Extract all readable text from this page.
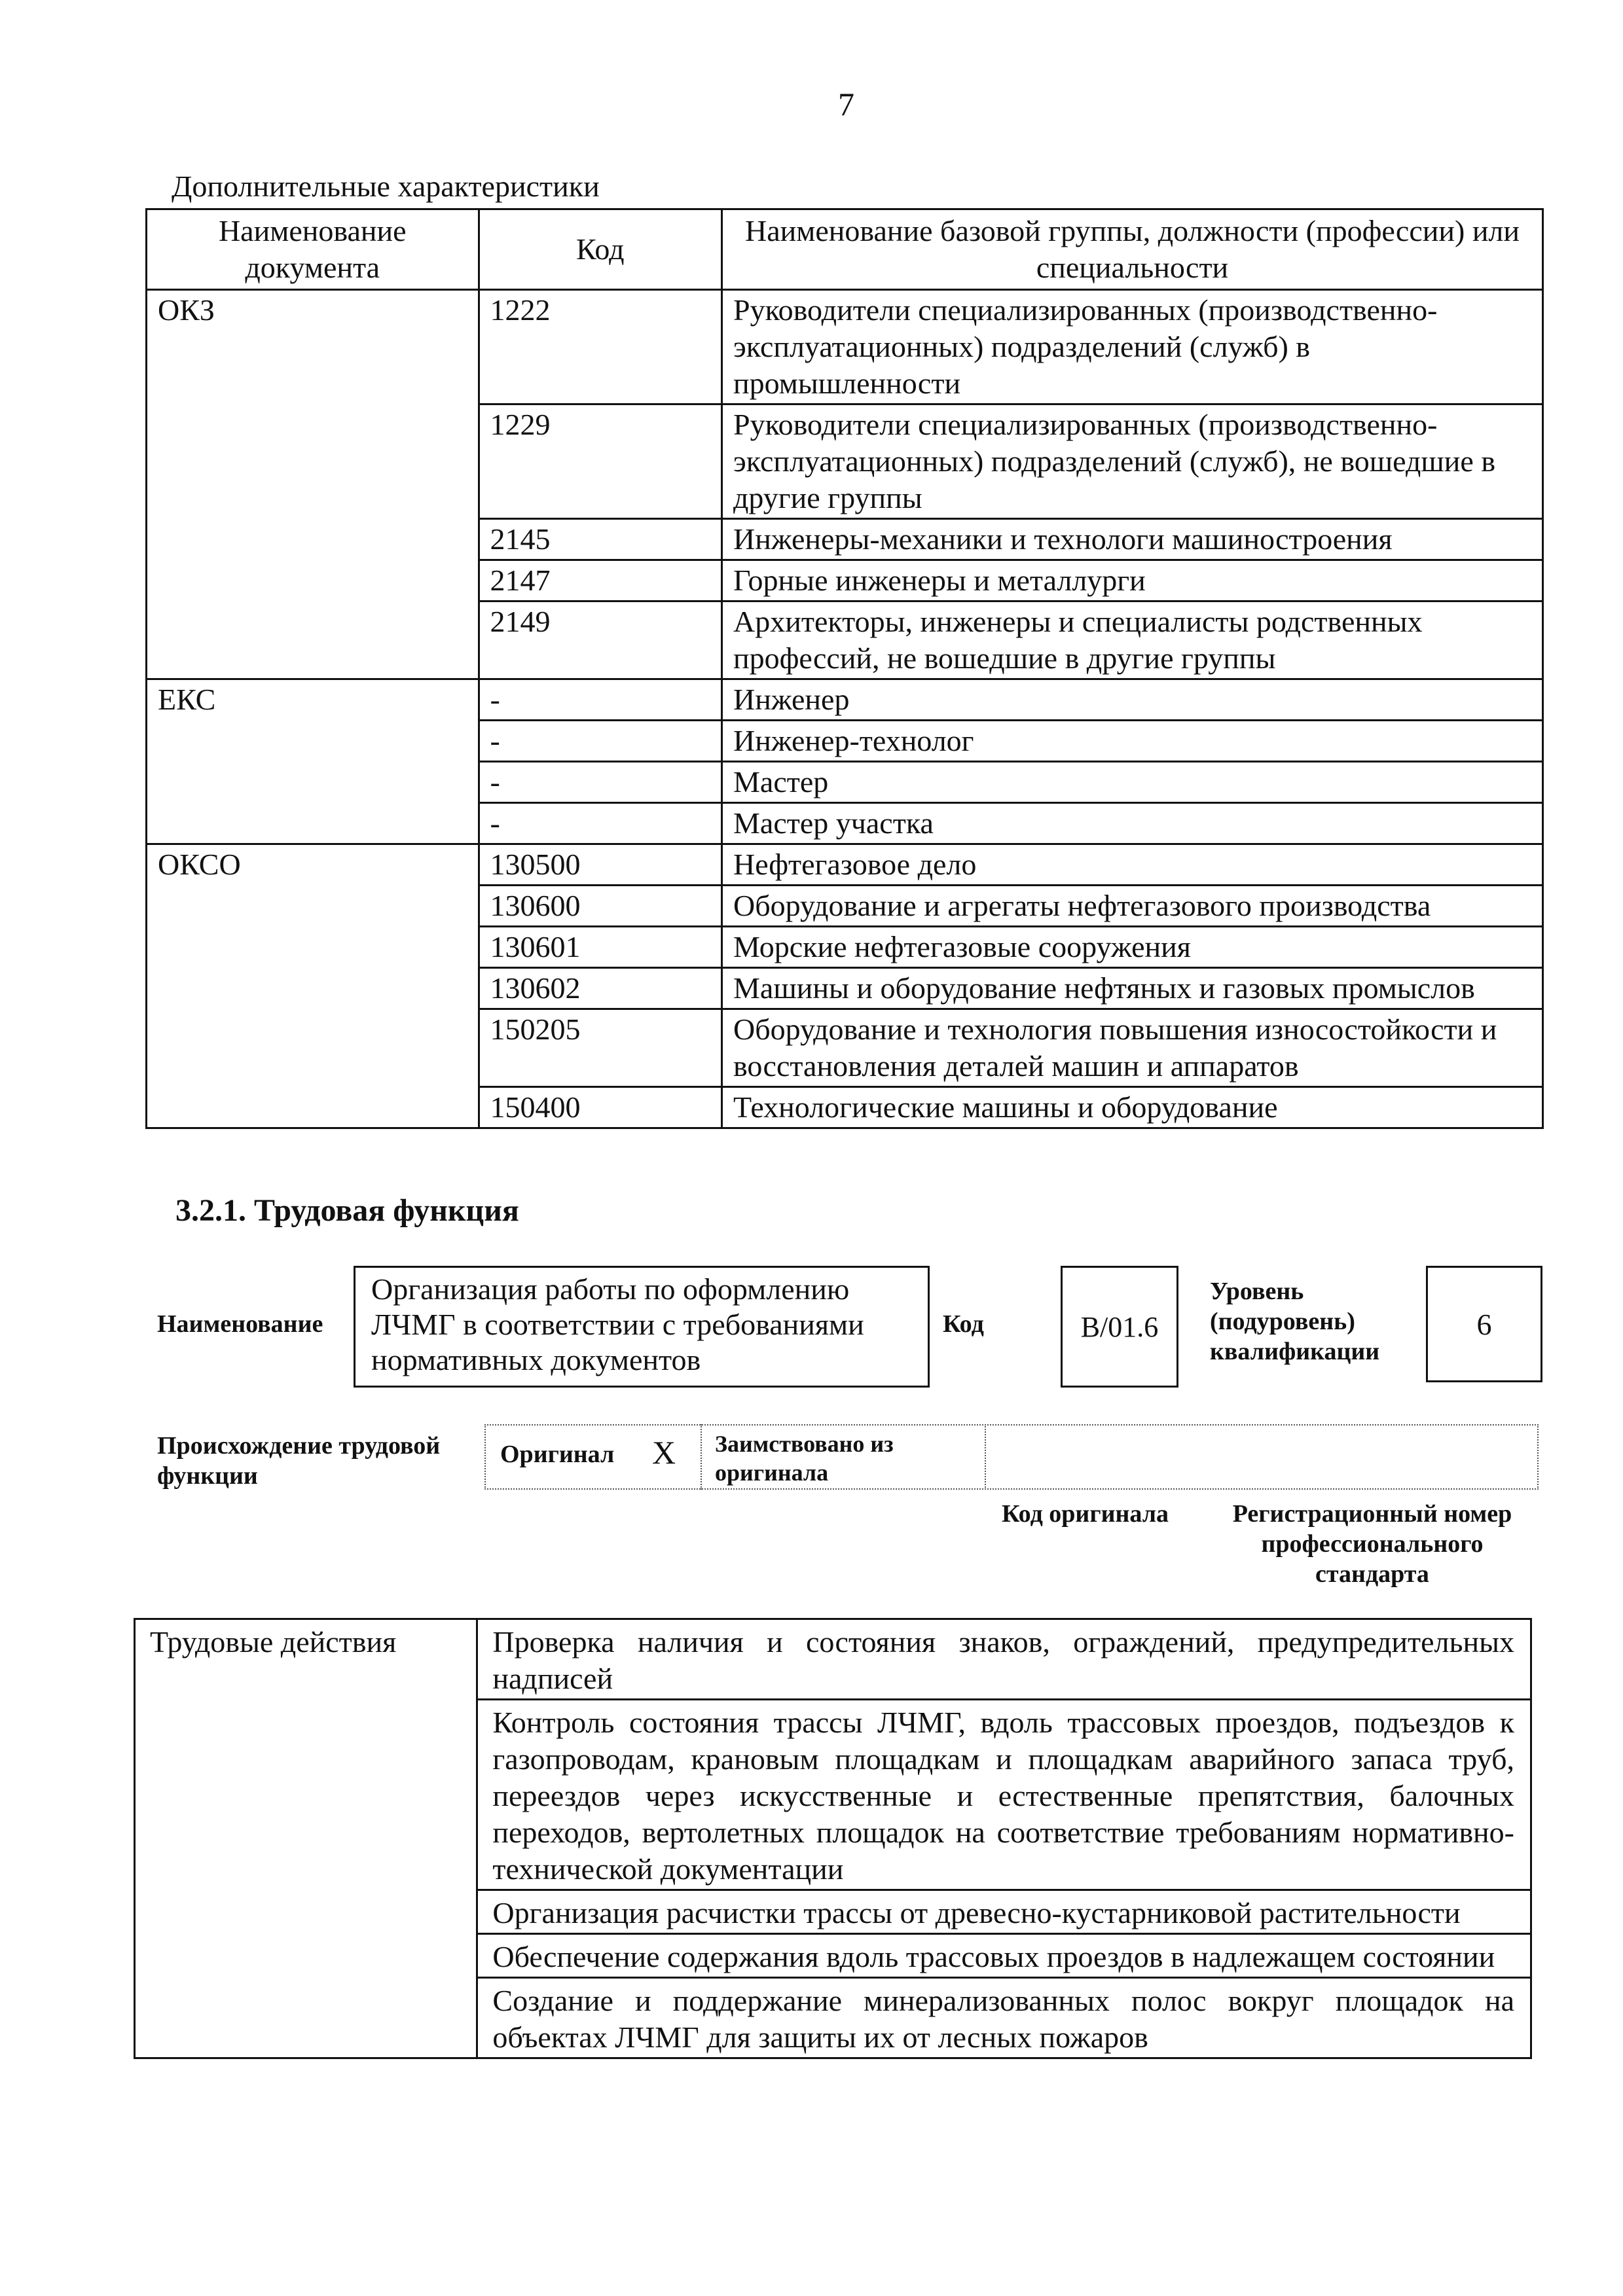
7
Дополнительные характеристики
Наименование документа	Код	Наименование базовой группы, должности (профессии) или специальности
ОКЗ	1222	Руководители специализированных (производственно-эксплуатационных) подразделений (служб) в промышленности
	1229	Руководители специализированных (производственно-эксплуатационных) подразделений (служб), не вошедшие в другие группы
	2145	Инженеры-механики и технологи машиностроения
	2147	Горные инженеры и металлурги
	2149	Архитекторы, инженеры и специалисты родственных профессий, не вошедшие в другие группы
ЕКС	-	Инженер
	-	Инженер-технолог
	-	Мастер
	-	Мастер участка
ОКСО	130500	Нефтегазовое дело
	130600	Оборудование и агрегаты нефтегазового производства
	130601	Морские нефтегазовые сооружения
	130602	Машины и оборудование нефтяных и газовых промыслов
	150205	Оборудование и технология повышения износостойкости и восстановления деталей машин и аппаратов
	150400	Технологические машины и оборудование
3.2.1. Трудовая функция
Наименование
Организация работы по оформлению ЛЧМГ в соответствии с требованиями нормативных документов
Код	B/01.6
Уровень (подуровень) квалификации
6
Происхождение трудовой функции
Оригинал X Заимствовано из оригинала
Код оригинала	Регистрационный номер профессионального стандарта
Трудовые действия	Проверка наличия и состояния знаков, ограждений, предупредительных надписей
Контроль состояния трассы ЛЧМГ, вдоль трассовых проездов, подъездов к газопроводам, крановым площадкам и площадкам аварийного запаса труб, переездов через искусственные и естественные препятствия, балочных переходов, вертолетных площадок на соответствие требованиям нормативно-технической документации
Организация расчистки трассы от древесно-кустарниковой растительности
Обеспечение содержания вдоль трассовых проездов в надлежащем состоянии
Создание и поддержание минерализованных полос вокруг площадок на объектах ЛЧМГ для защиты их от лесных пожаров
